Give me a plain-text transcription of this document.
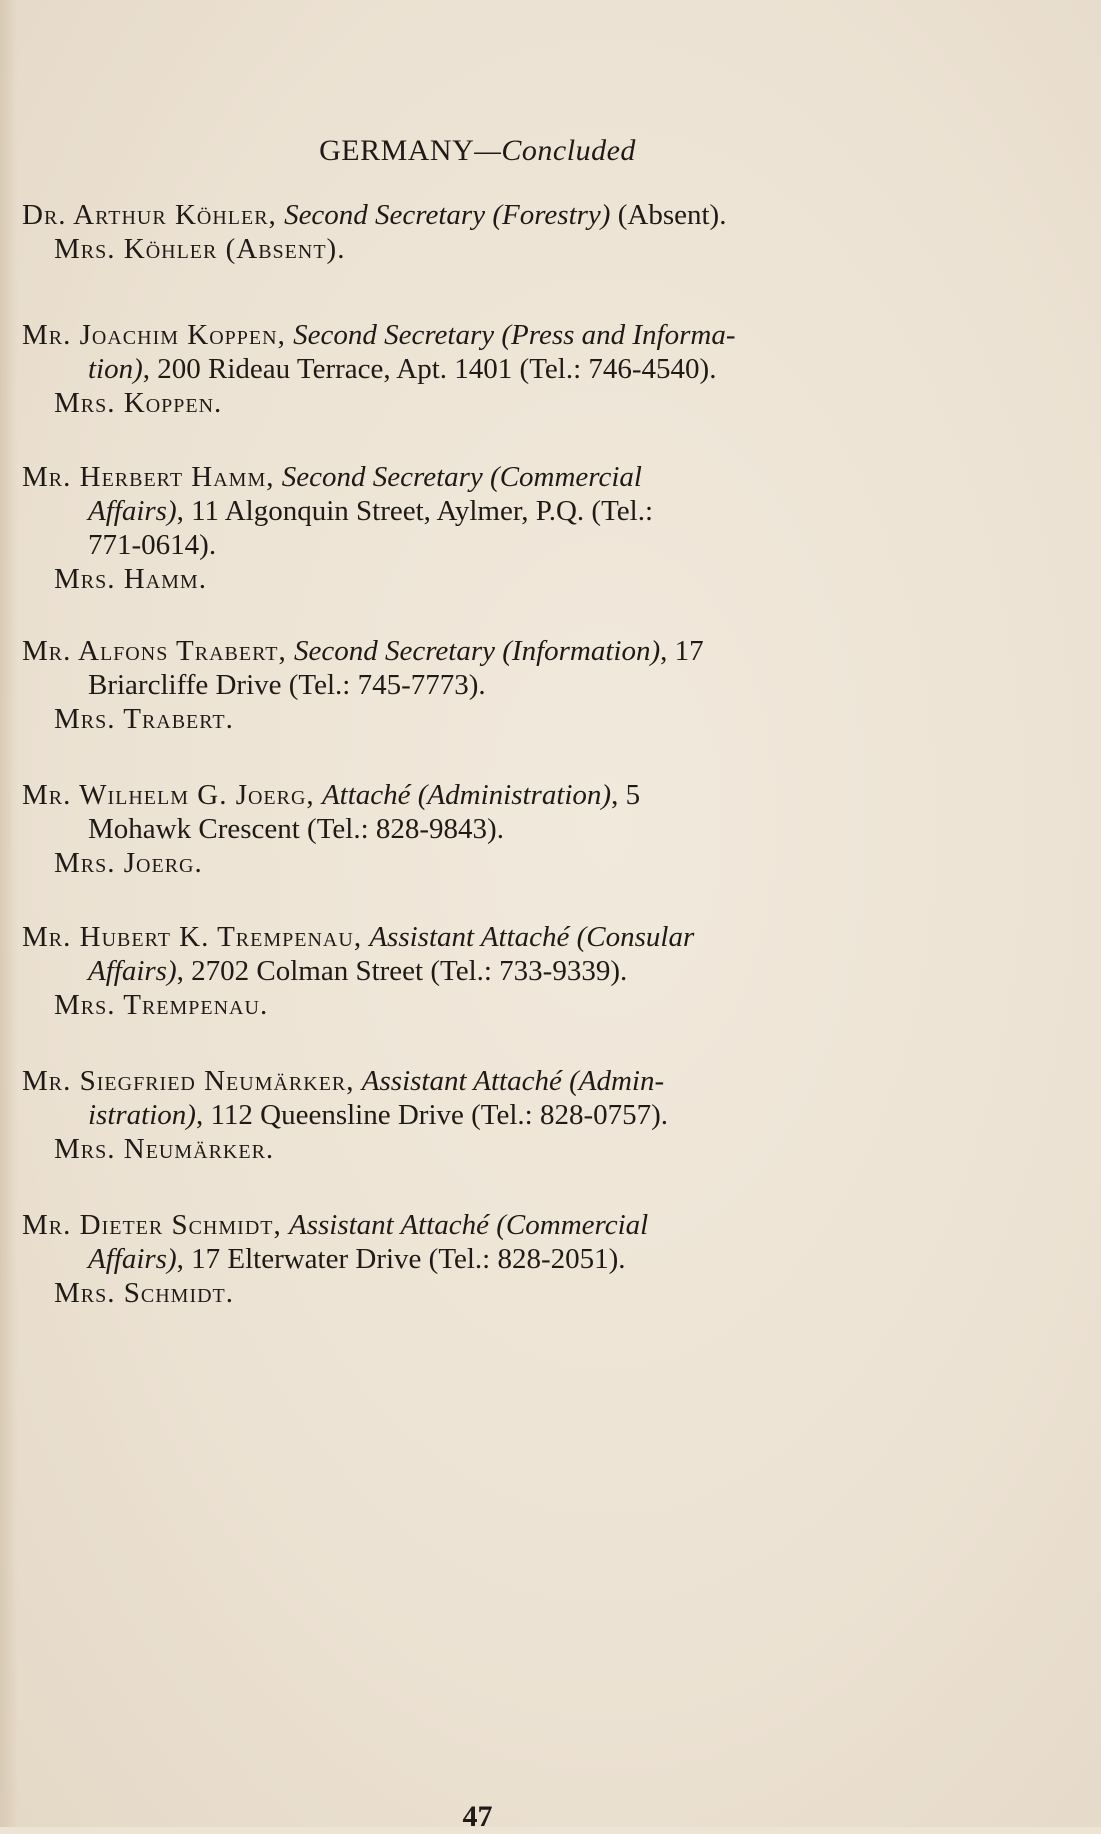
GERMANY—Concluded

Dr. Arthur Köhler, Second Secretary (Forestry) (Absent).

Mrs. Köhler (Absent).

Mr. Joachim Koppen, Second Secretary (Press and Informa-

tion), 200 Rideau Terrace, Apt. 1401 (Tel.: 746-4540).

Mrs. Koppen.

Mr. Herbert Hamm, Second Secretary (Commercial

Affairs), 11 Algonquin Street, Aylmer, P.Q. (Tel.:

771-0614).

Mrs. Hamm.

Mr. Alfons Trabert, Second Secretary (Information), 17

Briarcliffe Drive (Tel.: 745-7773).

Mrs. Trabert.

Mr. Wilhelm G. Joerg, Attaché (Administration), 5

Mohawk Crescent (Tel.: 828-9843).

Mrs. Joerg.

Mr. Hubert K. Trempenau, Assistant Attaché (Consular

Affairs), 2702 Colman Street (Tel.: 733-9339).

Mrs. Trempenau.

Mr. Siegfried Neumärker, Assistant Attaché (Admin-

istration), 112 Queensline Drive (Tel.: 828-0757).

Mrs. Neumärker.

Mr. Dieter Schmidt, Assistant Attaché (Commercial

Affairs), 17 Elterwater Drive (Tel.: 828-2051).

Mrs. Schmidt.

47
